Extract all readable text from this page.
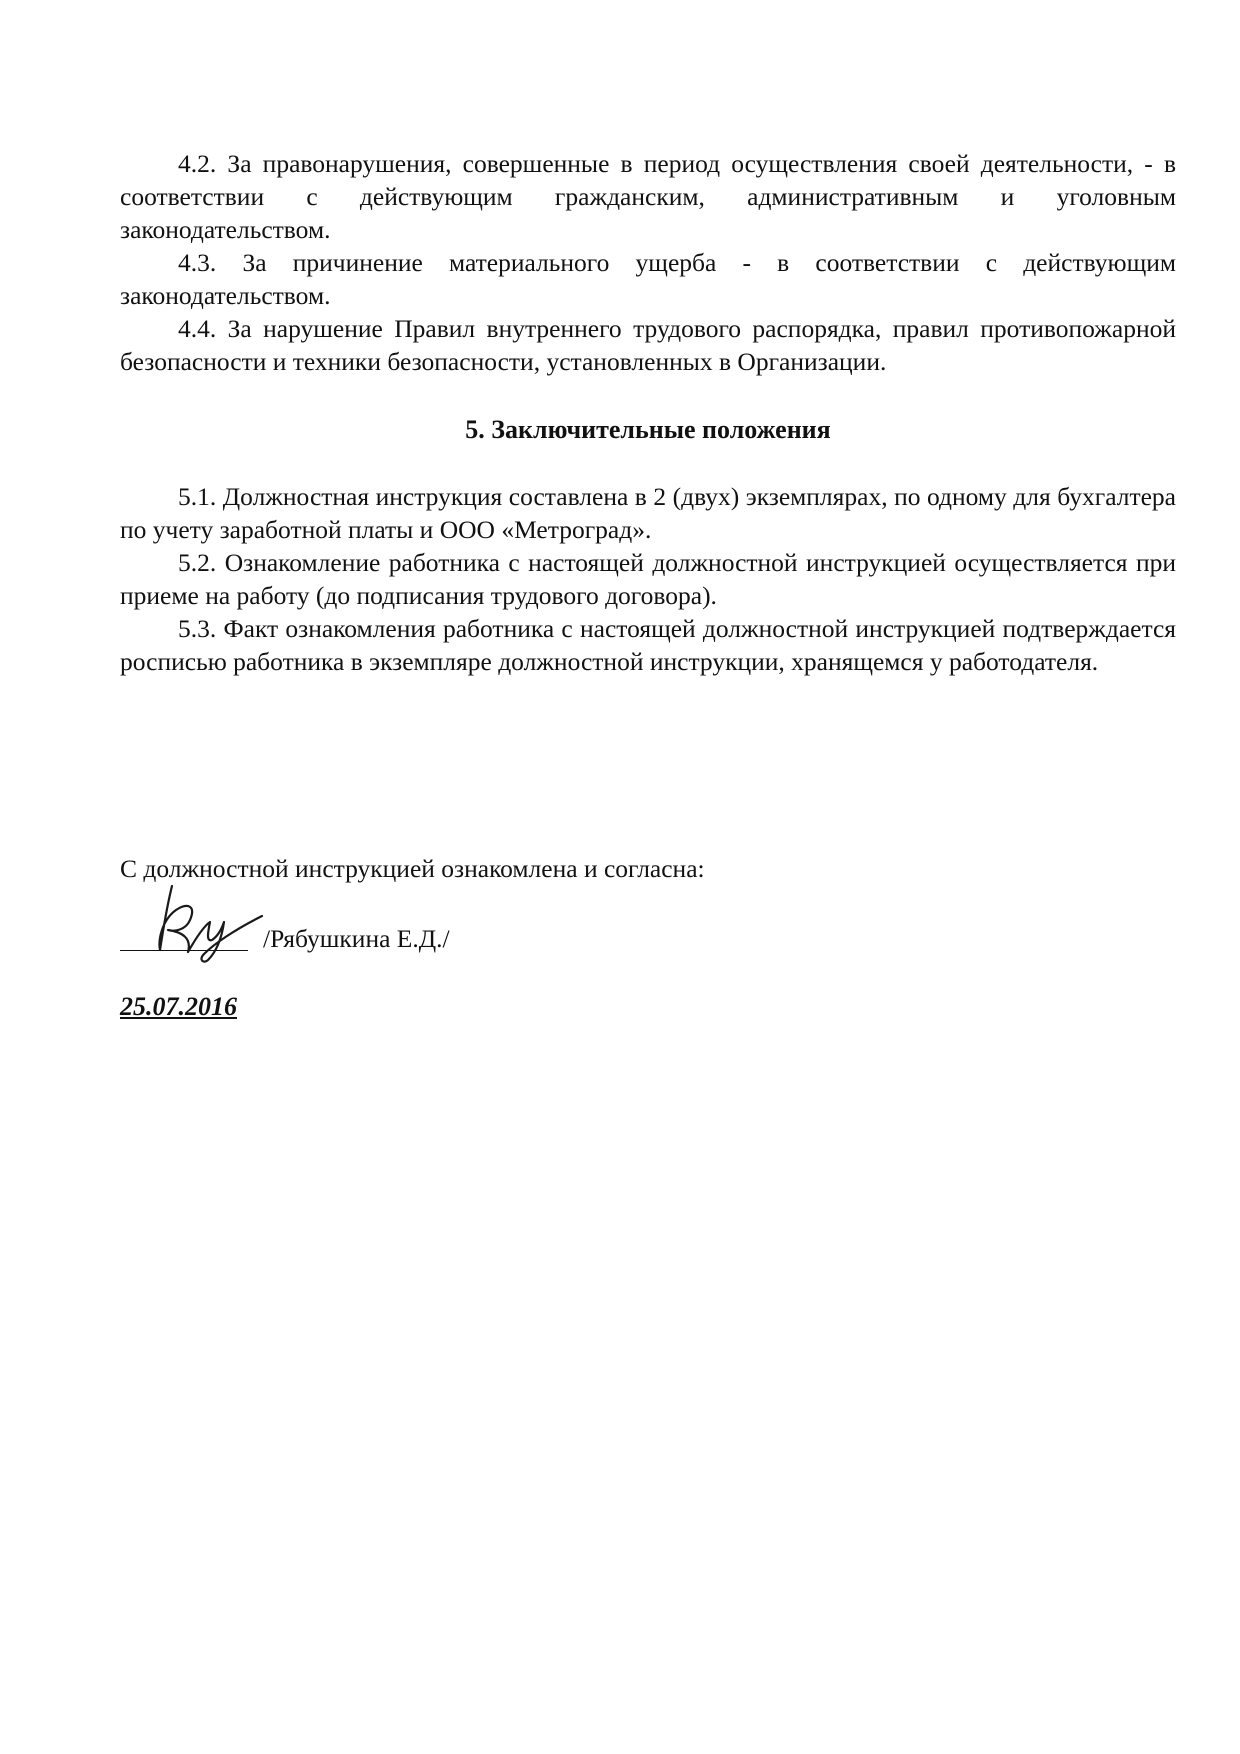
4.2. За правонарушения, совершенные в период осуществления своей деятельности, - в соответствии с действующим гражданским, административным и уголовным законодательством.

4.3. За причинение материального ущерба - в соответствии с действующим законодательством.

4.4. За нарушение Правил внутреннего трудового распорядка, правил противопожарной безопасности и техники безопасности, установленных в Организации.

5. Заключительные положения

5.1. Должностная инструкция составлена в 2 (двух) экземплярах, по одному для бухгалтера по учету заработной платы и ООО «Метроград».

5.2. Ознакомление работника с настоящей должностной инструкцией осуществляется при приеме на работу (до подписания трудового договора).

5.3. Факт ознакомления работника с настоящей должностной инструкцией подтверждается росписью работника в экземпляре должностной инструкции, хранящемся у работодателя.

С должностной инструкцией ознакомлена и согласна:

/Рябушкина Е.Д./
25.07.2016
